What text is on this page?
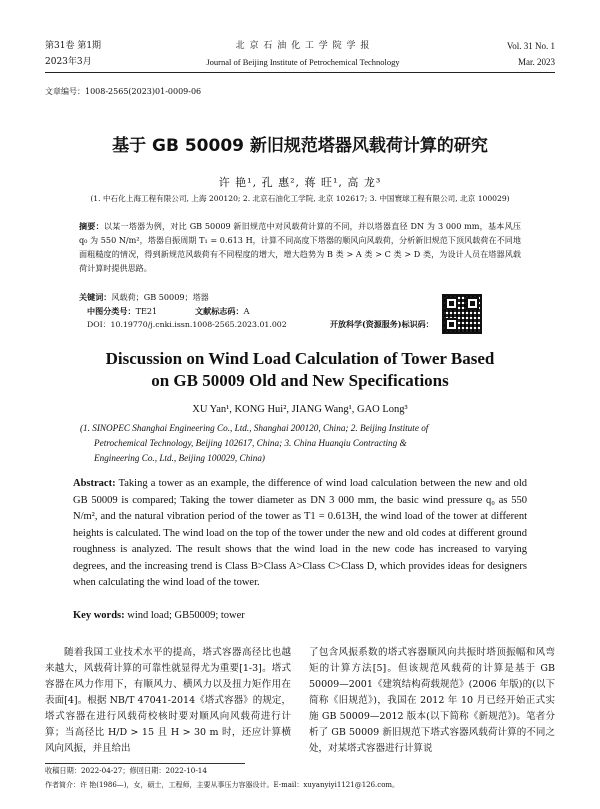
第31卷 第1期
2023年3月
北 京 石 油 化 工 学 院 学 报
Journal of Beijing Institute of Petrochemical Technology
Vol. 31 No. 1
Mar. 2023
文章编号：1008-2565(2023)01-0009-06
基于 GB 50009 新旧规范塔器风载荷计算的研究
许 艳¹, 孔 惠², 蒋 旺¹, 高 龙³
(1. 中石化上海工程有限公司, 上海 200120; 2. 北京石油化工学院, 北京 102617; 3. 中国寰球工程有限公司, 北京 100029)
摘要：以某一塔器为例，对比 GB 50009 新旧规范中对风载荷计算的不同，并以塔器直径 DN 为 3 000 mm，基本风压 q₀ 为 550 N/m²，塔器自振周期 T₁ = 0.613 H，计算不同高度下塔器的顺风向风载荷，分析新旧规范下顶风载荷在不同地面粗糙度的情况，得到新规范风载荷有不同程度的增大，增大趋势为 B 类 > A 类 > C 类 > D 类，为设计人员在塔器风载荷计算时提供思路。
关键词：风载荷；GB 50009；塔器
中图分类号：TE21	文献标志码：A
DOI：10.19770/j.cnki.issn.1008-2565.2023.01.002	开放科学(资源服务)标识码：
Discussion on Wind Load Calculation of Tower Based
on GB 50009 Old and New Specifications
XU Yan¹, KONG Hui², JIANG Wang¹, GAO Long³
(1. SINOPEC Shanghai Engineering Co., Ltd., Shanghai 200120, China; 2. Beijing Institute of
Petrochemical Technology, Beijing 102617, China; 3. China Huanqiu Contracting &
Engineering Co., Ltd., Beijing 100029, China)
Abstract: Taking a tower as an example, the difference of wind load calculation between the new and old GB 50009 is compared; Taking the tower diameter as DN 3 000 mm, the basic wind pressure q₀ as 550 N/m², and the natural vibration period of the tower as T1 = 0.613H, the wind load of the tower at different heights is calculated. The wind load on the top of the tower under the new and old codes at different ground roughness is analyzed. The result shows that the wind load in the new code has increased to varying degrees, and the increasing trend is Class B>Class A>Class C>Class D, which provides ideas for designers when calculating the wind load of the tower.
Key words: wind load; GB50009; tower
随着我国工业技术水平的提高，塔式容器高径比也越来越大，风载荷计算的可靠性就显得尤为重要[1-3]。塔式容器在风力作用下，有顺风力、横风力以及扭力矩作用在表面[4]。根据 NB/T 47041-2014《塔式容器》的规定，塔式容器在进行风载荷校核时要对顺风向风载荷进行计算；当高径比 H/D > 15 且 H > 30 m 时，还应计算横风向风振，并且给出
了包含风振系数的塔式容器顺风向共振时塔顶振幅和风弯矩的计算方法[5]。但该规范风载荷的计算是基于 GB 50009—2001《建筑结构荷载规范》(2006 年版)的(以下简称《旧规范》)，我国在 2012 年 10 月已经开始正式实施 GB 50009—2012 版本(以下简称《新规范》)。笔者分析了 GB 50009 新旧规范下塔式容器风载荷计算的不同之处，对某塔式容器进行计算说
收稿日期：2022-04-27；修回日期：2022-10-14
作者简介：许 艳(1986—)，女，硕士，工程师，主要从事压力容器设计。E-mail：xuyanyiyi1121@126.com。
